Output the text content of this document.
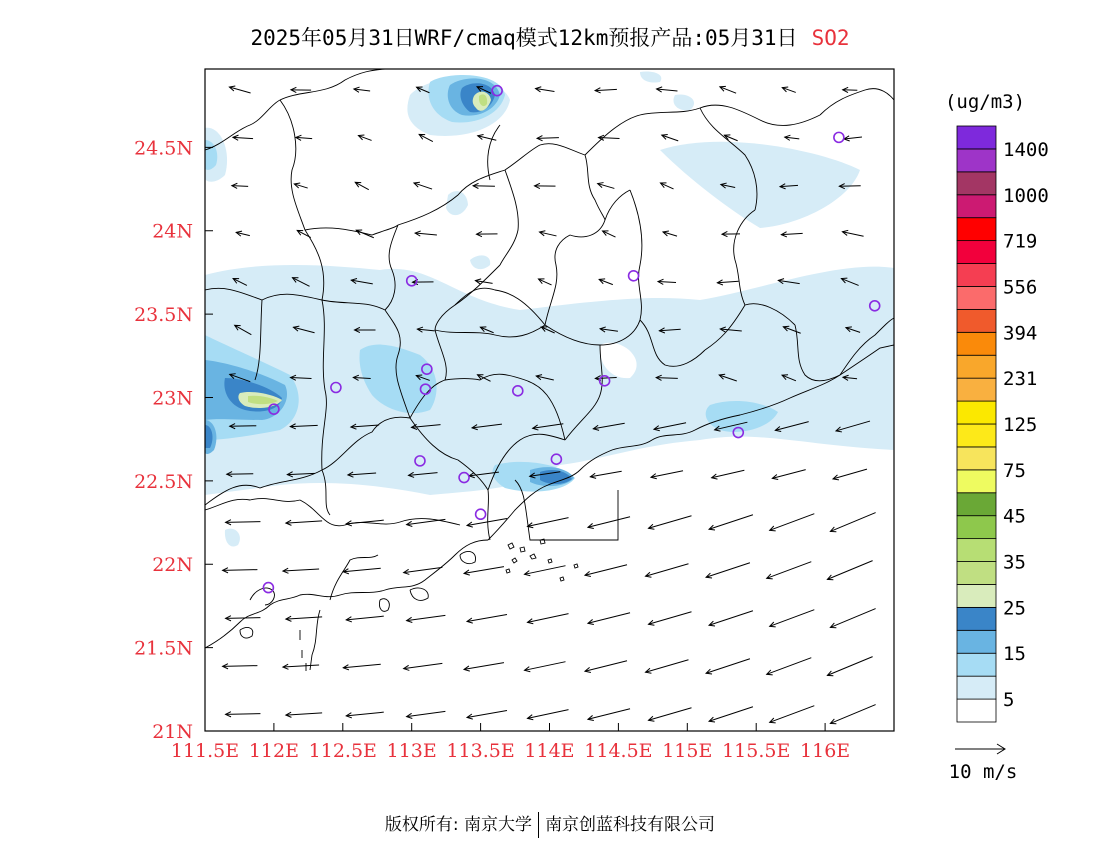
2025年05月31日WRF/cmaq模式12km预报产品:05月31日 SO2
111.5E 112E 112.5E 113E 113.5E 114E 114.5E 115E 115.5E 116E
21N
21.5N
22N
22.5N
23N
23.5N
24N
24.5N
(ug/m3)
5
15
25
35
45
75
125
231
394
556
719
1000
1400
10 m/s
版权所有: 南京大学 南京创蓝科技有限公司
